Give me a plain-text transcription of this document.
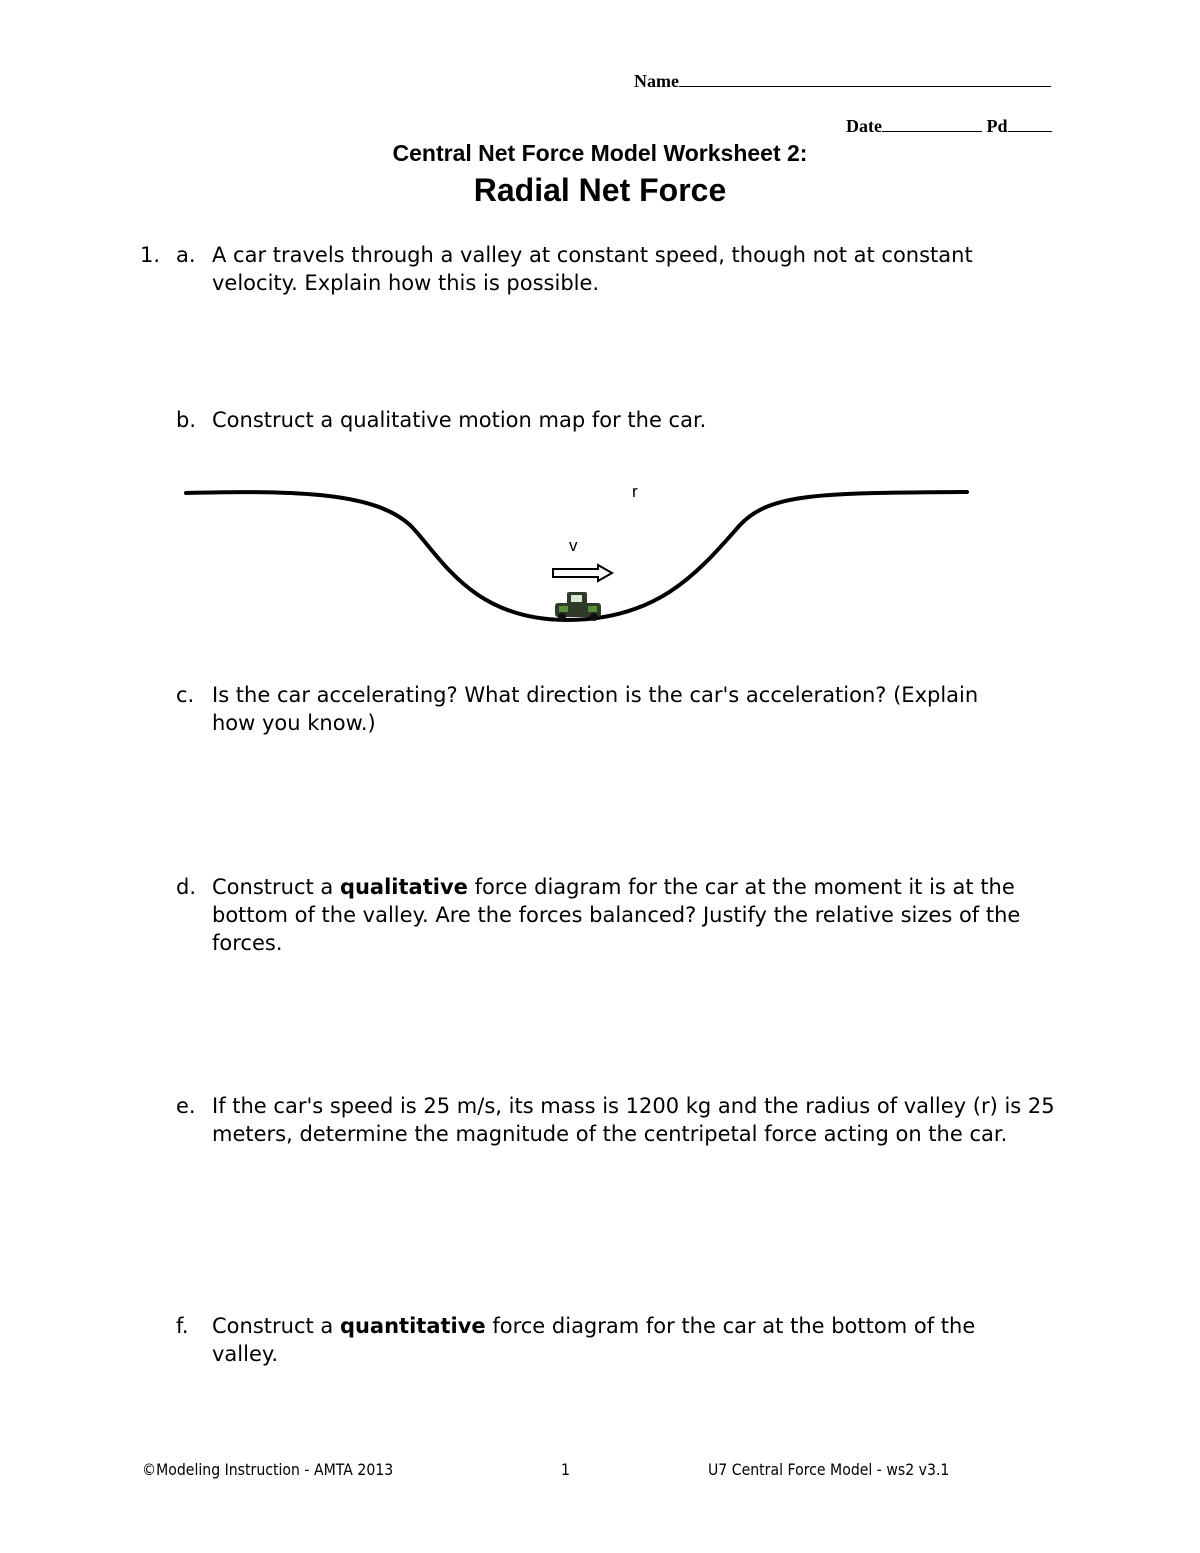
Name
Date	Pd
Central Net Force Model Worksheet 2:
Radial Net Force
1. a. A car travels through a valley at constant speed, though not at constant velocity. Explain how this is possible.
b. Construct a qualitative motion map for the car.
r
v
c. Is the car accelerating? What direction is the car's acceleration? (Explain how you know.)
d. Construct a qualitative force diagram for the car at the moment it is at the bottom of the valley. Are the forces balanced? Justify the relative sizes of the forces.
e. If the car's speed is 25 m/s, its mass is 1200 kg and the radius of valley (r) is 25 meters, determine the magnitude of the centripetal force acting on the car.
f. Construct a quantitative force diagram for the car at the bottom of the valley.
©Modeling Instruction - AMTA 2013	1	U7 Central Force Model - ws2 v3.1
